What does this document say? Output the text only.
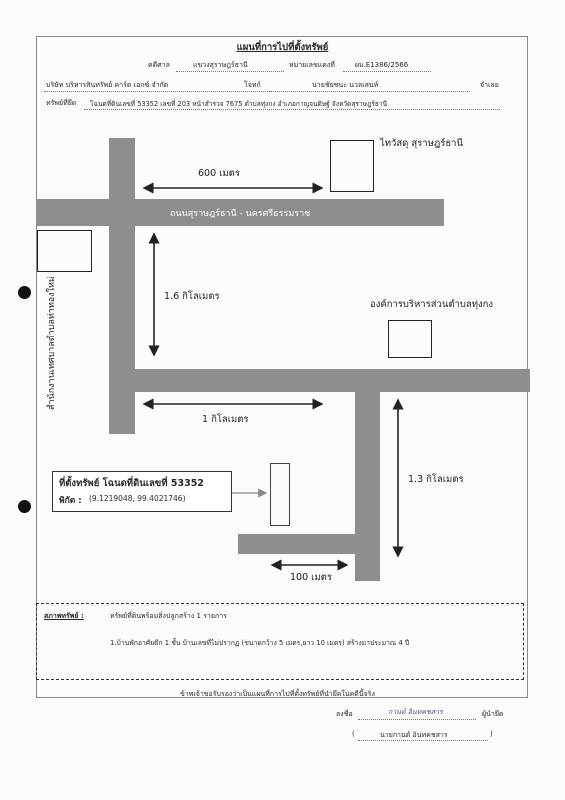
แผนที่การไปที่ตั้งทรัพย์
คดีศาล	แขวงสุราษฎร์ธานี	หมายเลขแดงที่	ผบ.E1386/2566
บริษัท บริหารสินทรัพย์ คาร์ด เอกซ์ จำกัด	โจทก์	นายชัยชนะ นวลเสนห์	จำเลย
ทรัพย์ที่ยึด โฉนดที่ดินเลขที่ 53352 เลขที่ 203 หน้าสำรวจ 7675 ตำบลทุ่งกง อำเภอกาญจนดิษฐ์ จังหวัดสุราษฎร์ธานี
ถนนสุราษฎร์ธานี - นครศรีธรรมราช
ไทวัสดุ สุราษฎร์ธานี
องค์การบริหารส่วนตำบลทุ่งกง
สำนักงานเทศบาลตำบลท่าทองใหม่
600 เมตร
1.6 กิโลเมตร
1 กิโลเมตร
1.3 กิโลเมตร
100 เมตร
ที่ตั้งทรัพย์ โฉนดที่ดินเลขที่ 53352
พิกัด : (9.1219048, 99.4021746)
สภาพทรัพย์ :	ทรัพย์ที่ดินพร้อมสิ่งปลูกสร้าง 1 รายการ
1.บ้านพักอาศัยตึก 1 ชั้น บ้านเลขที่ไม่ปรากฏ (ขนาดกว้าง 5 เมตร,ยาว 10 เมตร) สร้างมาประมาณ 4 ปี
ข้าพเจ้าขอรับรองว่าเป็นแผนที่การไปที่ตั้งทรัพย์ที่นำยึดในคดีนี้จริง
ลงชื่อ	กานต์ อินทคชสาร	ผู้นำยึด
(	นายกานต์ อินทคชสาร	)
